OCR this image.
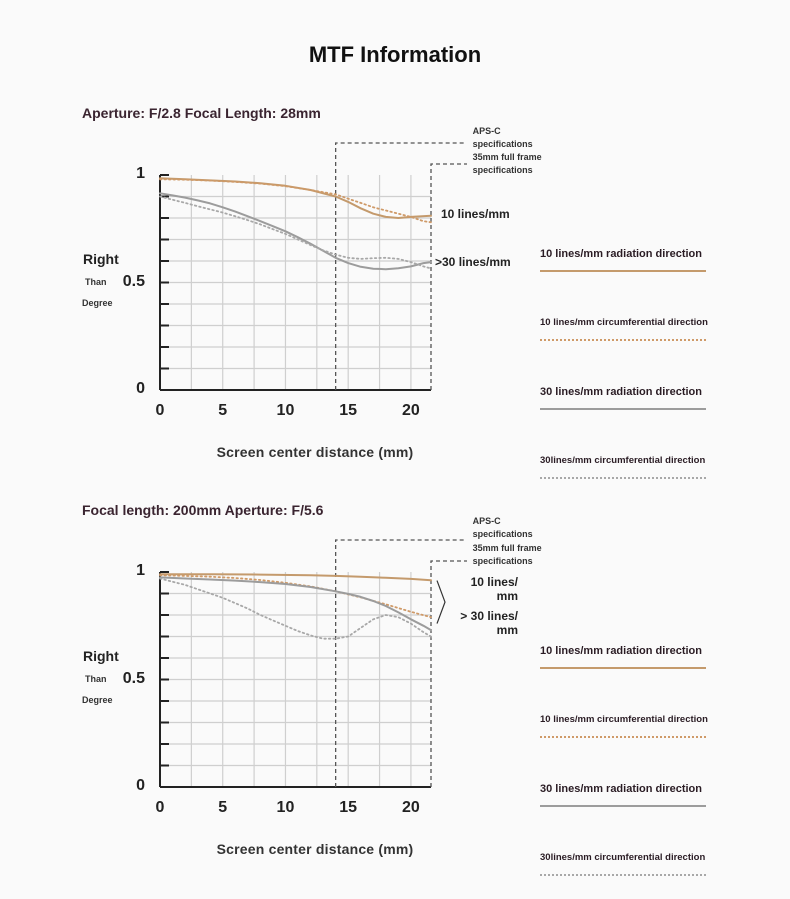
MTF Information
Aperture: F/2.8 Focal Length: 28mm
1
0.5
0
0	5	10	15	20
Right
Than
Degree
Screen center distance (mm)
APS-C
specifications
35mm full frame
specifications
10 lines/mm
>30 lines/mm
10 lines/mm radiation direction
10 lines/mm circumferential direction
30 lines/mm radiation direction
30lines/mm circumferential direction
Focal length: 200mm Aperture: F/5.6
1
0.5
0
0	5	10	15	20
Right
Than
Degree
Screen center distance (mm)
APS-C
specifications
35mm full frame
specifications
10 lines/
mm
> 30 lines/
mm
10 lines/mm radiation direction
10 lines/mm circumferential direction
30 lines/mm radiation direction
30lines/mm circumferential direction
